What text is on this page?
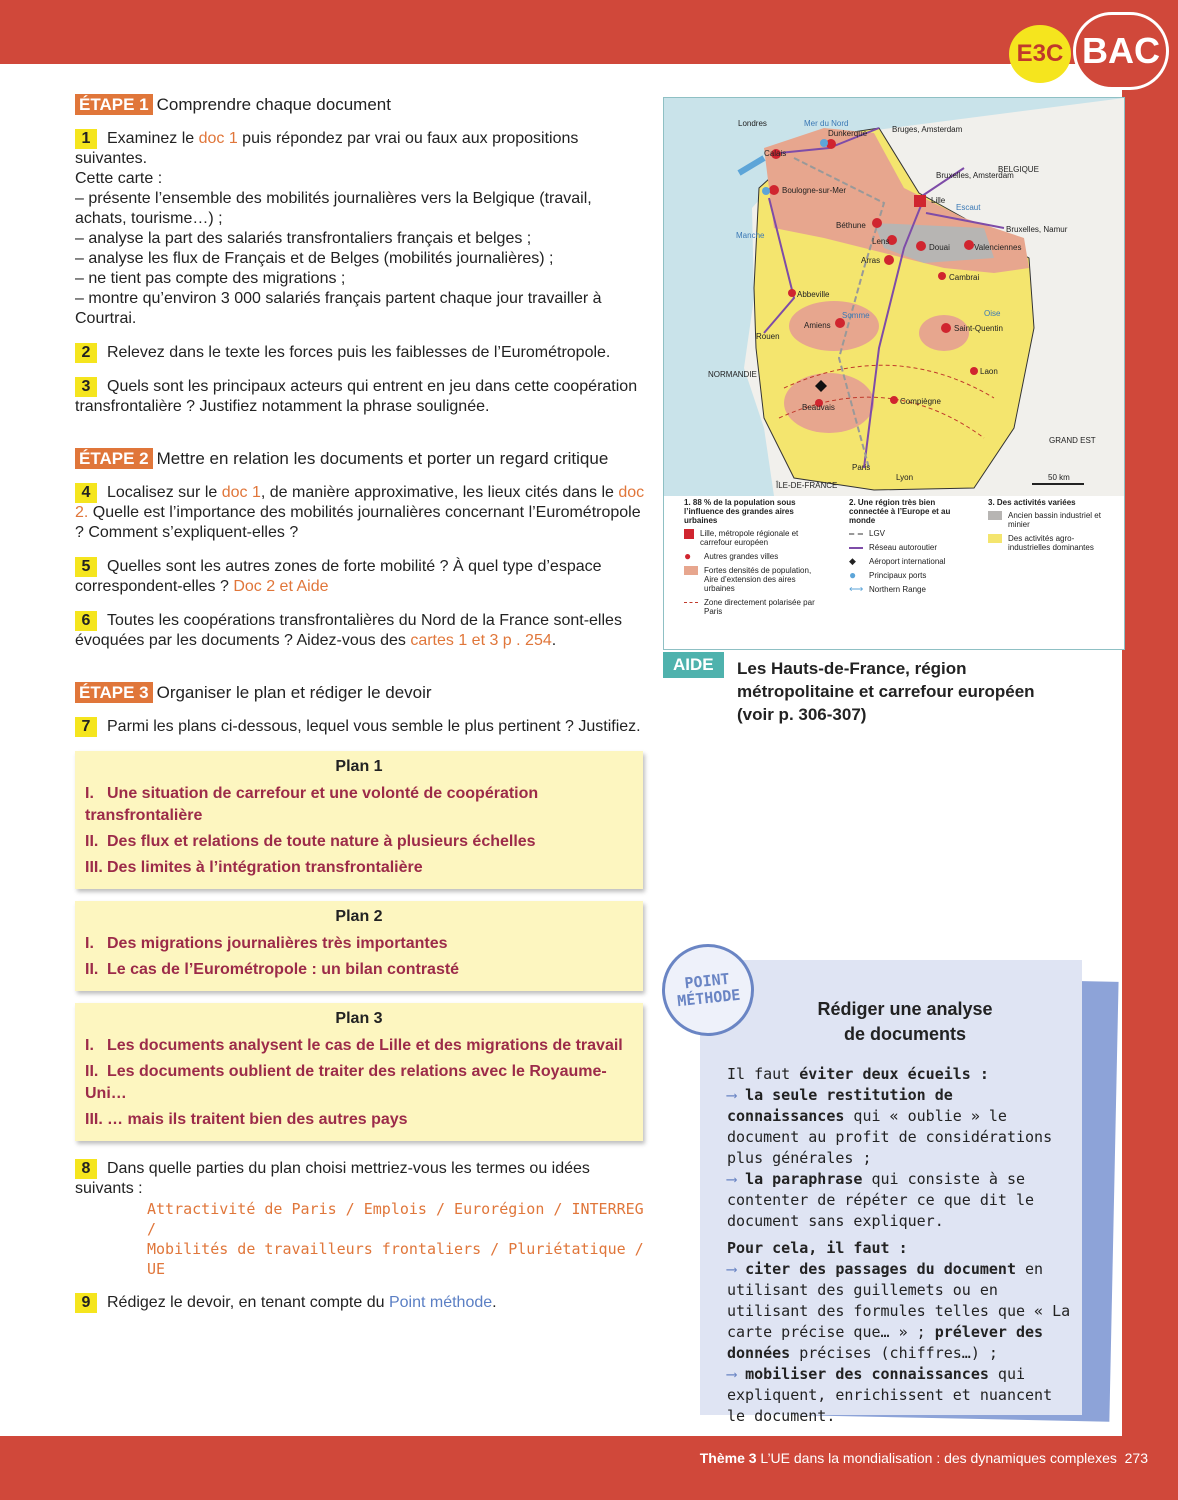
E3C BAC
ÉTAPE 1 Comprendre chaque document
1 Examinez le doc 1 puis répondez par vrai ou faux aux propositions suivantes.
Cette carte :
– présente l’ensemble des mobilités journalières vers la Belgique (travail, achats, tourisme…) ;
– analyse la part des salariés transfrontaliers français et belges ;
– analyse les flux de Français et de Belges (mobilités journalières) ;
– ne tient pas compte des migrations ;
– montre qu’environ 3 000 salariés français partent chaque jour travailler à Courtrai.
2 Relevez dans le texte les forces puis les faiblesses de l’Eurométropole.
3 Quels sont les principaux acteurs qui entrent en jeu dans cette coopération transfrontalière ? Justifiez notamment la phrase soulignée.
ÉTAPE 2 Mettre en relation les documents et porter un regard critique
4 Localisez sur le doc 1, de manière approximative, les lieux cités dans le doc 2. Quelle est l’importance des mobilités journalières concernant l’Eurométropole ? Comment s’expliquent-elles ?
5 Quelles sont les autres zones de forte mobilité ? À quel type d’espace correspondent-elles ? Doc 2 et Aide
6 Toutes les coopérations transfrontalières du Nord de la France sont-elles évoquées par les documents ? Aidez-vous des cartes 1 et 3 p . 254.
ÉTAPE 3 Organiser le plan et rédiger le devoir
7 Parmi les plans ci-dessous, lequel vous semble le plus pertinent ? Justifiez.
Plan 1
I. Une situation de carrefour et une volonté de coopération transfrontalière
II. Des flux et relations de toute nature à plusieurs échelles
III. Des limites à l’intégration transfrontalière
Plan 2
I. Des migrations journalières très importantes
II. Le cas de l’Eurométropole : un bilan contrasté
Plan 3
I. Les documents analysent le cas de Lille et des migrations de travail
II. Les documents oublient de traiter des relations avec le Royaume-Uni…
III. … mais ils traitent bien des autres pays
8 Dans quelle parties du plan choisi mettriez-vous les termes ou idées suivants :
Attractivité de Paris / Emplois / Eurorégion / INTERREG /
Mobilités de travailleurs frontaliers / Pluriétatique / UE
9 Rédigez le devoir, en tenant compte du Point méthode.
Londres	Mer du Nord
Dunkerque	Bruges, Amsterdam
Calais
BELGIQUE
Bruxelles, Amsterdam
Boulogne-sur-Mer
Lille
Escaut
Béthune
Manche
Bruxelles, Namur
Lens
Douai	Valenciennes
Arras
Cambrai
Abbeville
Amiens
Somme	Oise
Rouen
Saint-Quentin
NORMANDIE	Laon
Beauvais
Compiègne
GRAND EST
Paris
Lyon
ÎLE-DE-FRANCE
50 km
1. 88 % de la population sous l’influence des grandes aires urbaines
Lille, métropole régionale et carrefour européen
●	Autres grandes villes
Fortes densités de population, Aire d’extension des aires urbaines
Zone directement polarisée par Paris
2. Une région très bien connectée à l’Europe et au monde
LGV
Réseau autoroutier
◆	Aéroport international
●	Principaux ports
⟷ Northern Range
3. Des activités variées
Ancien bassin industriel et minier
Des activités agro-industrielles dominantes
AIDE	Les Hauts-de-France, région métropolitaine et carrefour européen (voir p. 306-307)
POINT
MÉTHODE	Rédiger une analyse
de documents
Il faut éviter deux écueils :
⟶ la seule restitution de connaissances qui « oublie » le document au profit de considérations plus générales ;
⟶ la paraphrase qui consiste à se contenter de répéter ce que dit le document sans expliquer.
Pour cela, il faut :
⟶ citer des passages du document en utilisant des guillemets ou en utilisant des formules telles que « La carte précise que… » ; prélever des données précises (chiffres…) ;
⟶ mobiliser des connaissances qui expliquent, enrichissent et nuancent le document.
Thème 3 L’UE dans la mondialisation : des dynamiques complexes 273
